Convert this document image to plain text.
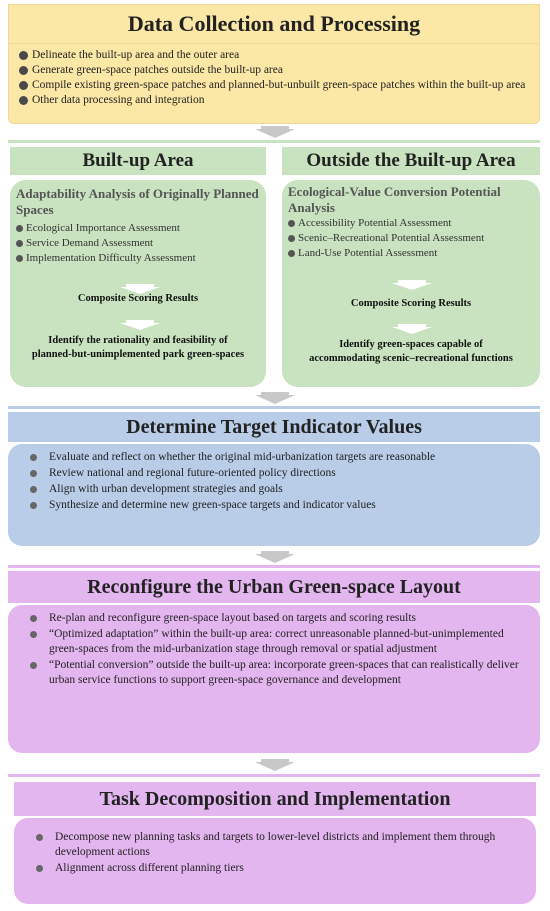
Data Collection and Processing
Delineate the built-up area and the outer area
Generate green-space patches outside the built-up area
Compile existing green-space patches and planned-but-unbuilt green-space patches within the built-up area
Other data processing and integration
Built-up Area
Adaptability Analysis of Originally Planned Spaces
Ecological Importance Assessment
Service Demand Assessment
Implementation Difficulty Assessment
Composite Scoring Results
Identify the rationality and feasibility of planned-but-unimplemented park green-spaces
Outside the Built-up Area
Ecological-Value Conversion Potential Analysis
Accessibility Potential Assessment
Scenic–Recreational Potential Assessment
Land-Use Potential Assessment
Composite Scoring Results
Identify green-spaces capable of accommodating scenic–recreational functions
Determine Target Indicator Values
Evaluate and reflect on whether the original mid-urbanization targets are reasonable
Review national and regional future-oriented policy directions
Align with urban development strategies and goals
Synthesize and determine new green-space targets and indicator values
Reconfigure the Urban Green-space Layout
Re-plan and reconfigure green-space layout based on targets and scoring results
“Optimized adaptation” within the built-up area: correct unreasonable planned-but-unimplemented green-spaces from the mid-urbanization stage through removal or spatial adjustment
“Potential conversion” outside the built-up area: incorporate green-spaces that can realistically deliver urban service functions to support green-space governance and development
Task Decomposition and Implementation
Decompose new planning tasks and targets to lower-level districts and implement them through development actions
Alignment across different planning tiers
